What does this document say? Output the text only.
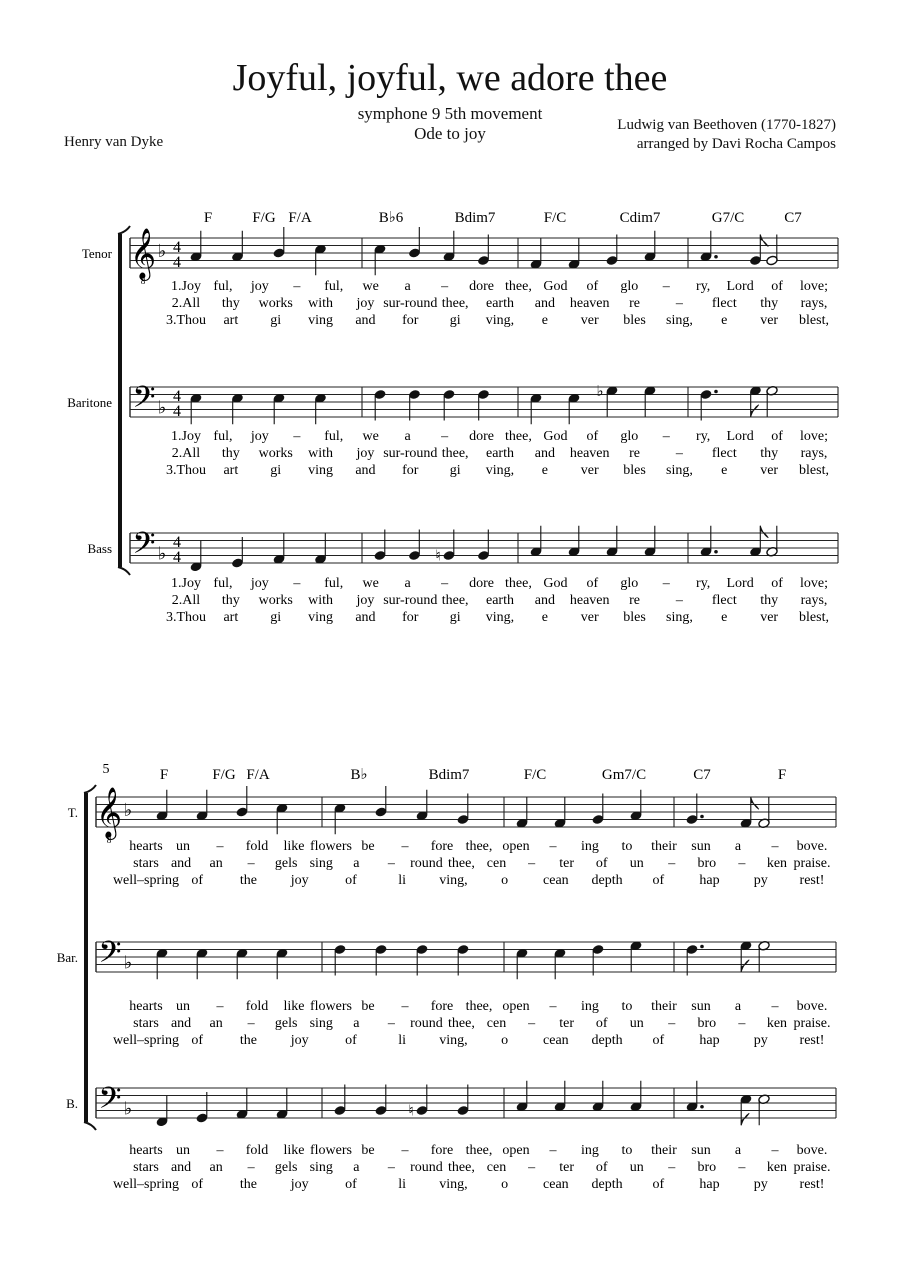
Joyful, joyful, we adore thee
symphone 9 5th movement
Ode to joy	Ludwig van Beethoven (1770-1827)
arranged by Davi Rocha Campos
Henry van Dyke
Tenor
Baritone
Bass
F	F/G F/A	B♭6	Bdim7	F/C	Cdim7	G7/C	C7
𝄞
8
♭ 4
4
1.Joy ful, joy – ful, we a – dore thee, God of glo – ry, Lord of love;
2.All thy works with joy sur-round thee, earth and heaven re	– flect thy rays,
3.Thou art gi ving and for gi ving, e ver bles sing, e ver blest,
𝄢 ♭
4
4
♭
1.Joy ful, joy – ful, we a – dore thee, God of glo – ry, Lord of love;
2.All thy works with joy sur-round thee, earth and heaven re	– flect thy rays,
3.Thou art gi ving and for gi ving, e ver bles sing, e ver blest,
𝄢 ♭
4
4	♮
1.Joy ful, joy – ful, we a – dore thee, God of glo – ry, Lord of love;
2.All thy works with joy sur-round thee, earth and heaven re	– flect thy rays,
3.Thou art gi ving and for gi ving, e ver bles sing, e ver blest,
T.
Bar.
B.
5	F	F/G F/A	B♭	Bdim7	F/C	Gm7/C	C7	F
𝄞
8
♭
hearts un – fold like flowers be – fore thee, open – ing to their sun a – bove.
stars and an – gels sing a – round thee, cen – ter of un – bro – ken praise.
well–spring of	the joy	of	li ving, o cean depth of	hap py rest!
𝄢 ♭
hearts un – fold like flowers be – fore thee, open – ing to their sun a – bove.
stars and an – gels sing a – round thee, cen – ter of un – bro – ken praise.
well–spring of	the joy	of	li ving, o cean depth of	hap py rest!
𝄢 ♭	♮
hearts un – fold like flowers be – fore thee, open – ing to their sun a – bove.
stars and an – gels sing a – round thee, cen – ter of un – bro – ken praise.
well–spring of	the joy	of	li ving, o cean depth of	hap py rest!
